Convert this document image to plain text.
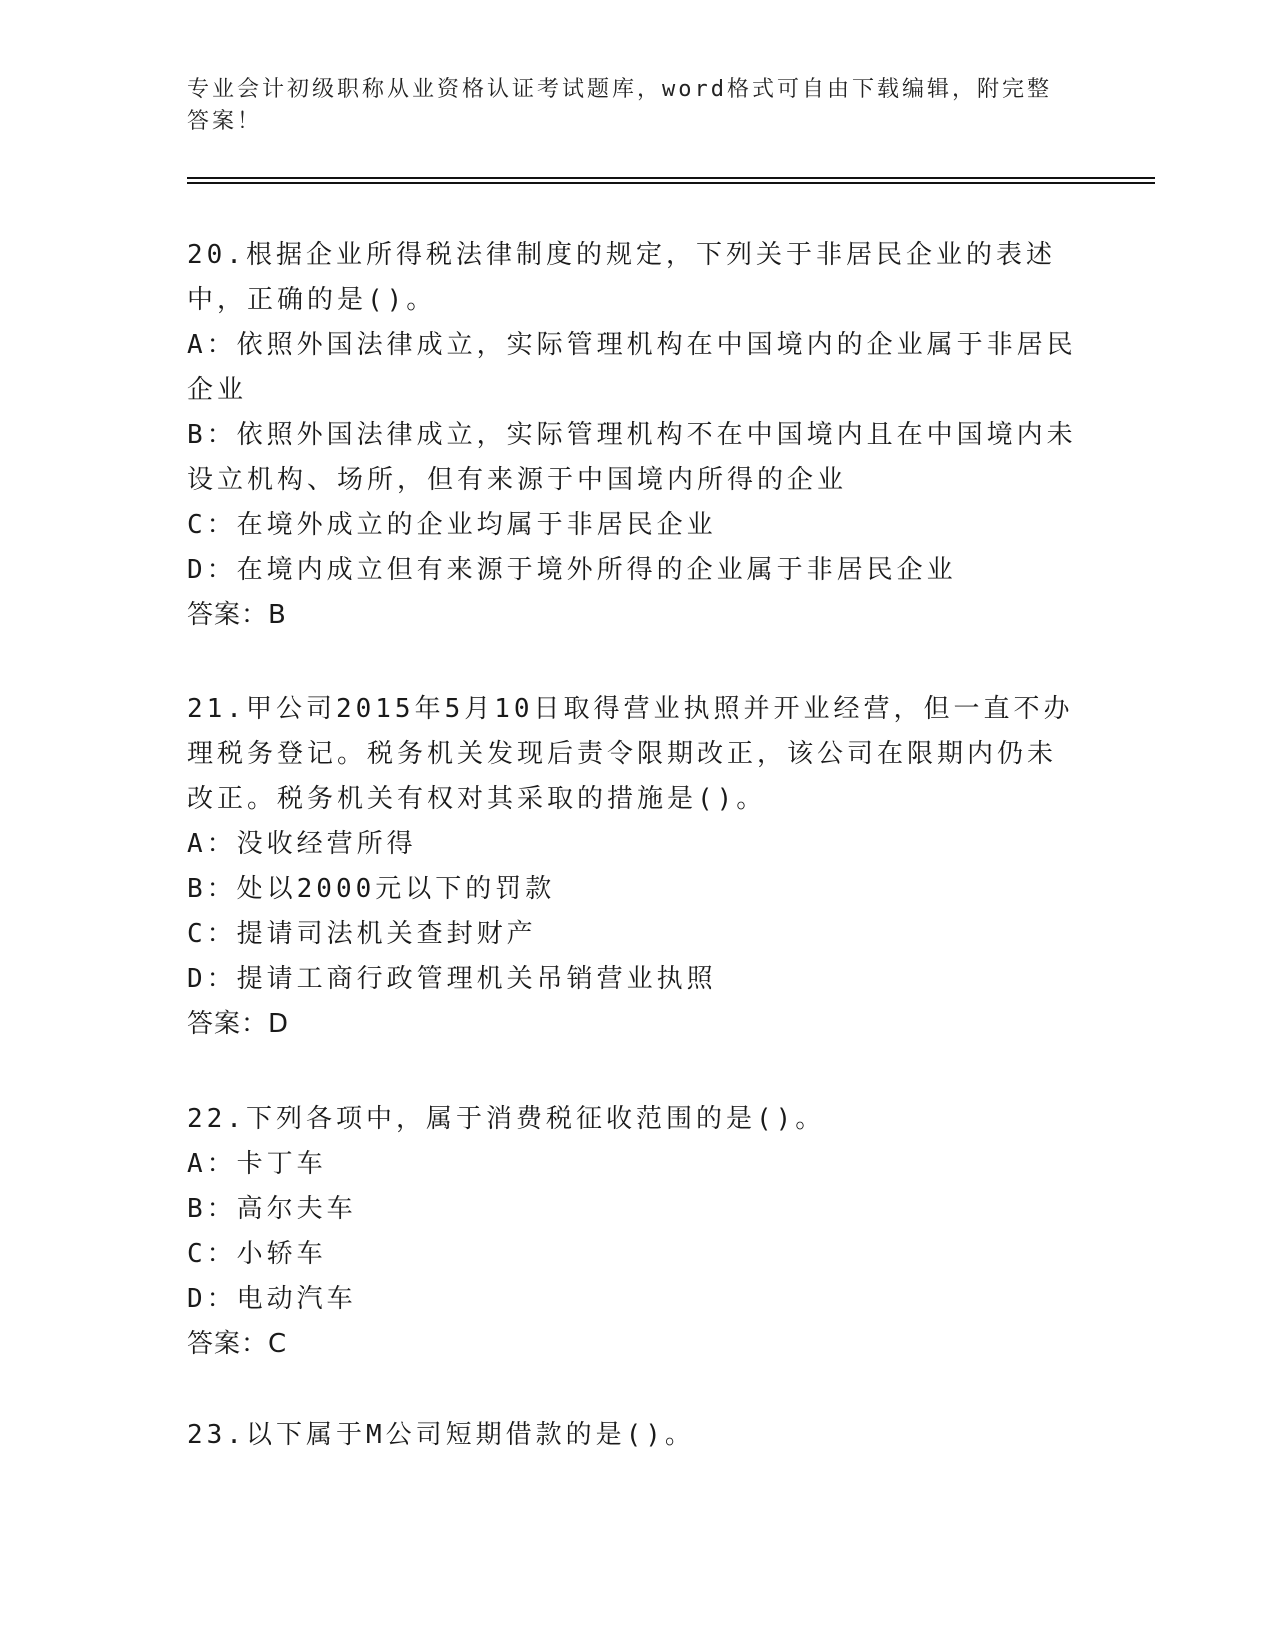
专业会计初级职称从业资格认证考试题库，word格式可自由下载编辑，附完整答案！
20.根据企业所得税法律制度的规定，下列关于非居民企业的表述中，正确的是()。
A：依照外国法律成立，实际管理机构在中国境内的企业属于非居民企业
B：依照外国法律成立，实际管理机构不在中国境内且在中国境内未设立机构、场所，但有来源于中国境内所得的企业
C：在境外成立的企业均属于非居民企业
D：在境内成立但有来源于境外所得的企业属于非居民企业
答案：B
21.甲公司2015年5月10日取得营业执照并开业经营，但一直不办理税务登记。税务机关发现后责令限期改正，该公司在限期内仍未改正。税务机关有权对其采取的措施是()。
A：没收经营所得
B：处以2000元以下的罚款
C：提请司法机关查封财产
D：提请工商行政管理机关吊销营业执照
答案：D
22.下列各项中，属于消费税征收范围的是()。
A：卡丁车
B：高尔夫车
C：小轿车
D：电动汽车
答案：C
23.以下属于M公司短期借款的是()。
